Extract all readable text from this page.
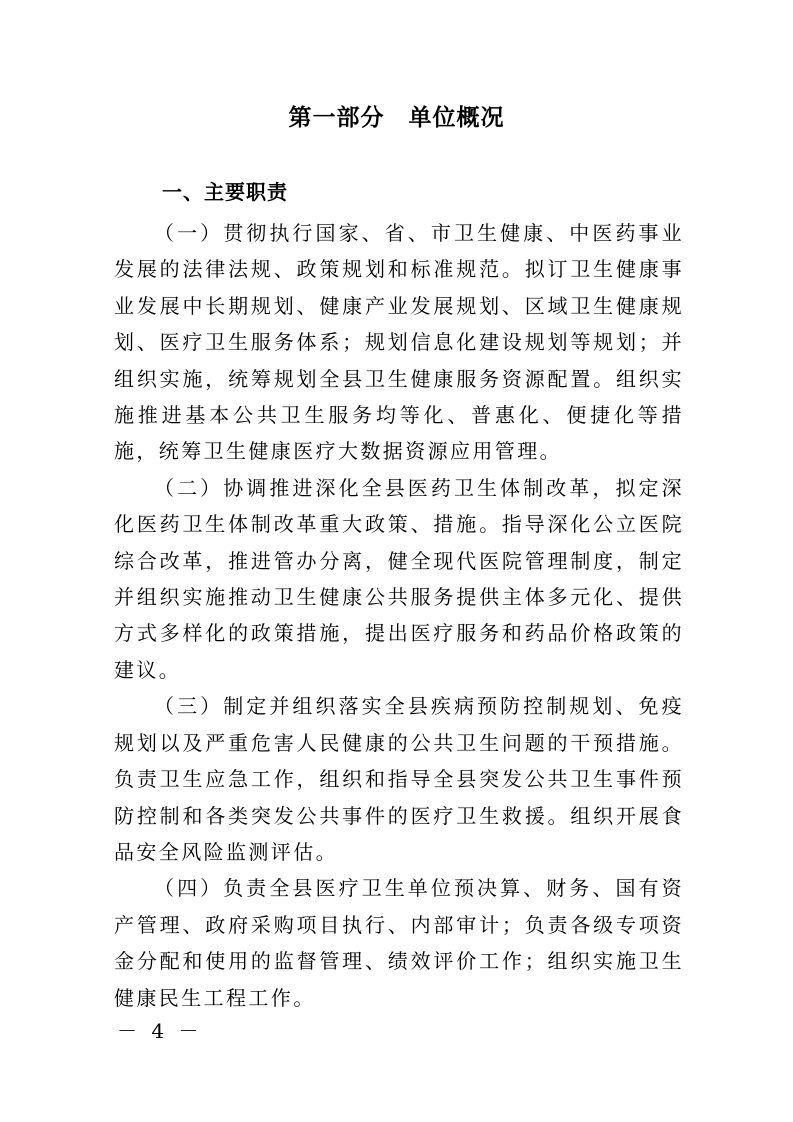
第一部分　单位概况
一、主要职责

（一）贯彻执行国家、省、市卫生健康、中医药事业发展的法律法规、政策规划和标准规范。拟订卫生健康事业发展中长期规划、健康产业发展规划、区域卫生健康规划、医疗卫生服务体系；规划信息化建设规划等规划；并组织实施，统筹规划全县卫生健康服务资源配置。组织实施推进基本公共卫生服务均等化、普惠化、便捷化等措施，统筹卫生健康医疗大数据资源应用管理。

（二）协调推进深化全县医药卫生体制改革，拟定深化医药卫生体制改革重大政策、措施。指导深化公立医院综合改革，推进管办分离，健全现代医院管理制度，制定并组织实施推动卫生健康公共服务提供主体多元化、提供方式多样化的政策措施，提出医疗服务和药品价格政策的建议。

（三）制定并组织落实全县疾病预防控制规划、免疫规划以及严重危害人民健康的公共卫生问题的干预措施。负责卫生应急工作，组织和指导全县突发公共卫生事件预防控制和各类突发公共事件的医疗卫生救援。组织开展食品安全风险监测评估。

（四）负责全县医疗卫生单位预决算、财务、国有资产管理、政府采购项目执行、内部审计；负责各级专项资金分配和使用的监督管理、绩效评价工作；组织实施卫生健康民生工程工作。

－ 4 －
